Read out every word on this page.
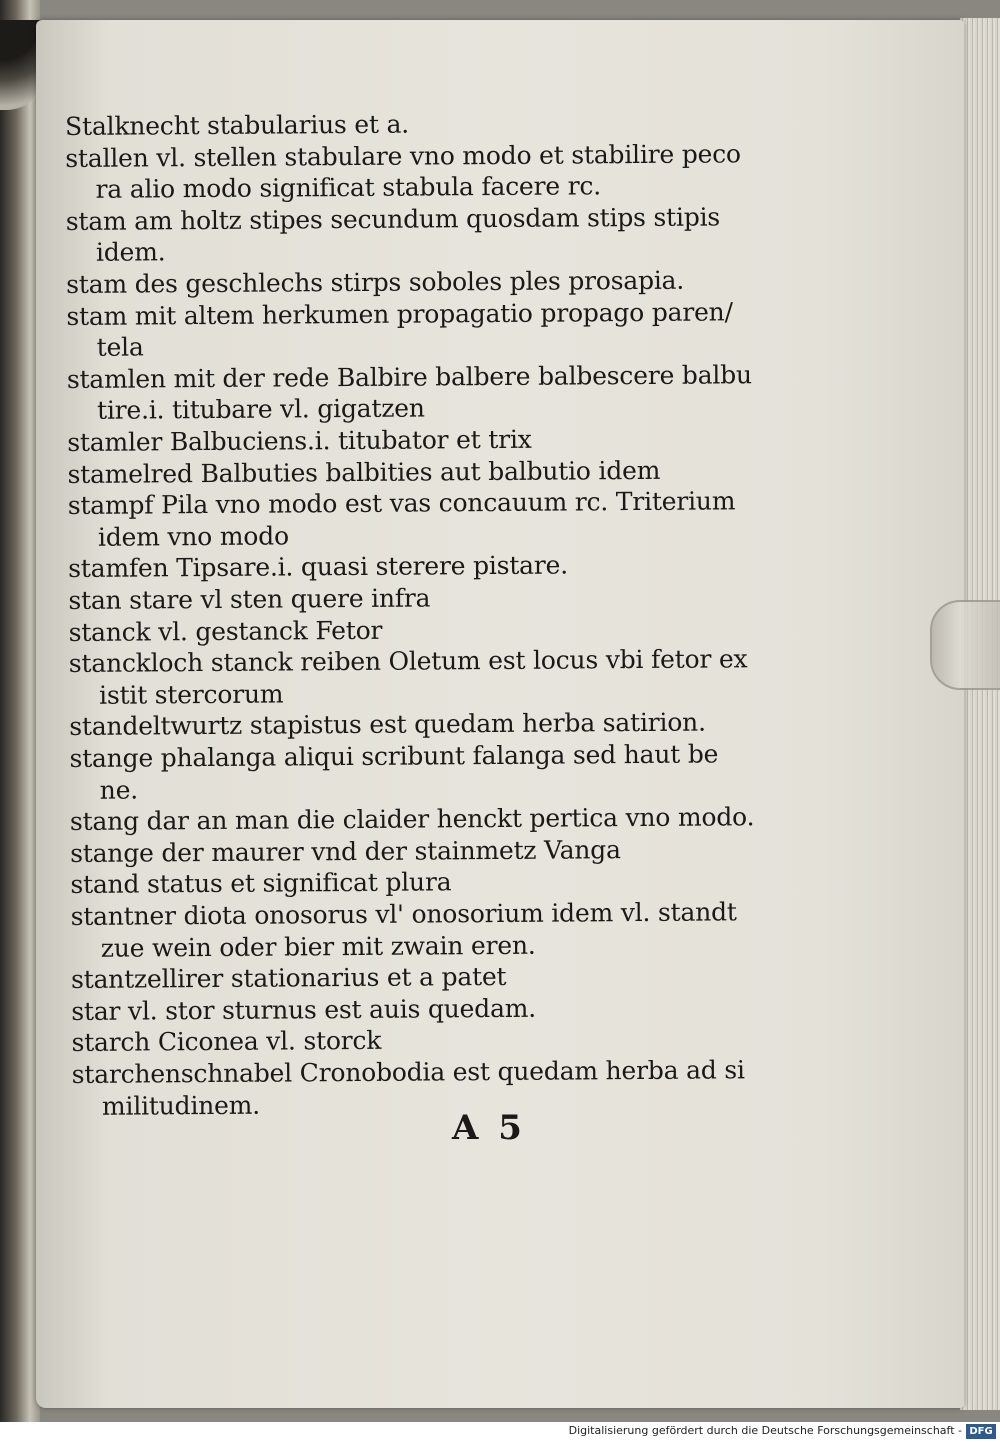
Stalknecht stabularius et a.
stallen vl. stellen stabulare vno modo et stabilire peco
ra alio modo significat stabula facere rc.
stam am holtz stipes secundum quosdam stips stipis
idem.
stam des geschlechs stirps soboles ples prosapia.
stam mit altem herkumen propagatio propago paren/
tela
stamlen mit der rede Balbire balbere balbescere balbu
tire.i. titubare vl. gigatzen
stamler Balbuciens.i. titubator et trix
stamelred Balbuties balbities aut balbutio idem
stampf Pila vno modo est vas concauum rc. Triterium
idem vno modo
stamfen Tipsare.i. quasi sterere pistare.
stan stare vl sten quere infra
stanck vl. gestanck Fetor
stanckloch stanck reiben Oletum est locus vbi fetor ex
istit stercorum
standeltwurtz stapistus est quedam herba satirion.
stange phalanga aliqui scribunt falanga sed haut be
ne.
stang dar an man die claider henckt pertica vno modo.
stange der maurer vnd der stainmetz Vanga
stand status et significat plura
stantner diota onosorus vl' onosorium idem vl. standt
zue wein oder bier mit zwain eren.
stantzellirer stationarius et a patet
star vl. stor sturnus est auis quedam.
starch Ciconea vl. storck
starchenschnabel Cronobodia est quedam herba ad si
militudinem.
A 5
Digitalisierung gefördert durch die Deutsche Forschungsgemeinschaft - DFG
